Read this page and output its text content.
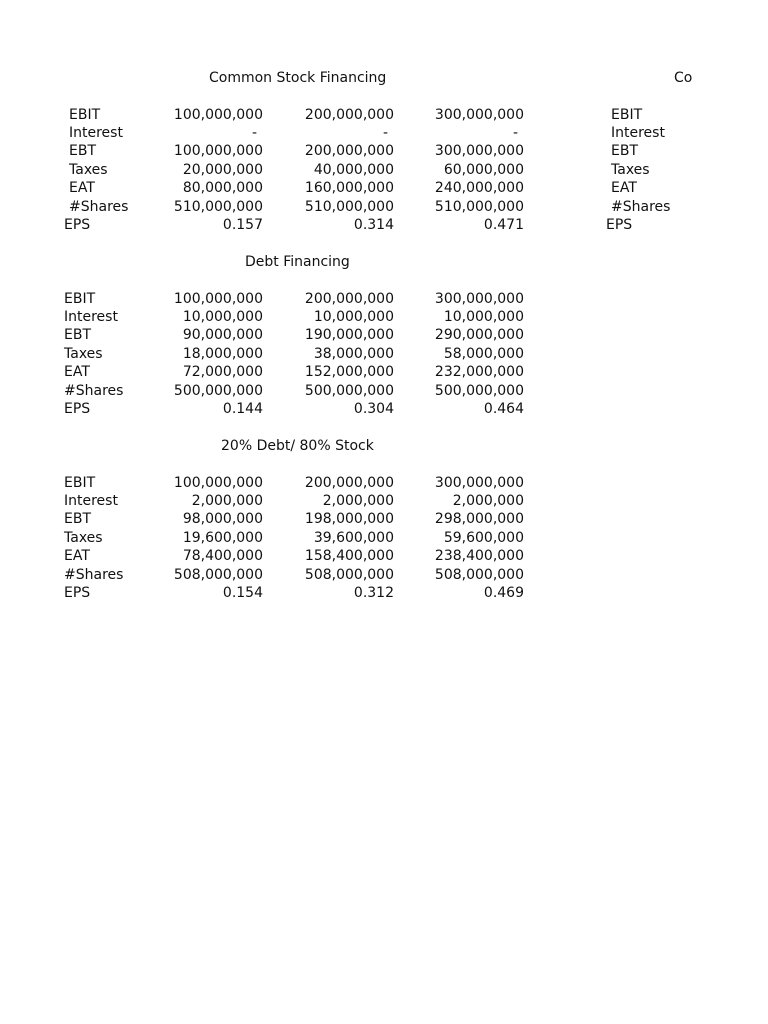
Common Stock Financing
EBIT	100,000,000	200,000,000	300,000,000
Interest	-	-	-
EBT	100,000,000	200,000,000	300,000,000
Taxes	20,000,000	40,000,000	60,000,000
EAT	80,000,000	160,000,000	240,000,000
#Shares	510,000,000	510,000,000	510,000,000
EPS	0.157	0.314	0.471
Debt Financing
EBIT	100,000,000	200,000,000	300,000,000
Interest	10,000,000	10,000,000	10,000,000
EBT	90,000,000	190,000,000	290,000,000
Taxes	18,000,000	38,000,000	58,000,000
EAT	72,000,000	152,000,000	232,000,000
#Shares	500,000,000	500,000,000	500,000,000
EPS	0.144	0.304	0.464
20% Debt/ 80% Stock
EBIT	100,000,000	200,000,000	300,000,000
Interest	2,000,000	2,000,000	2,000,000
EBT	98,000,000	198,000,000	298,000,000
Taxes	19,600,000	39,600,000	59,600,000
EAT	78,400,000	158,400,000	238,400,000
#Shares	508,000,000	508,000,000	508,000,000
EPS	0.154	0.312	0.469
Co
EBIT
Interest
EBT
Taxes
EAT
#Shares
EPS
